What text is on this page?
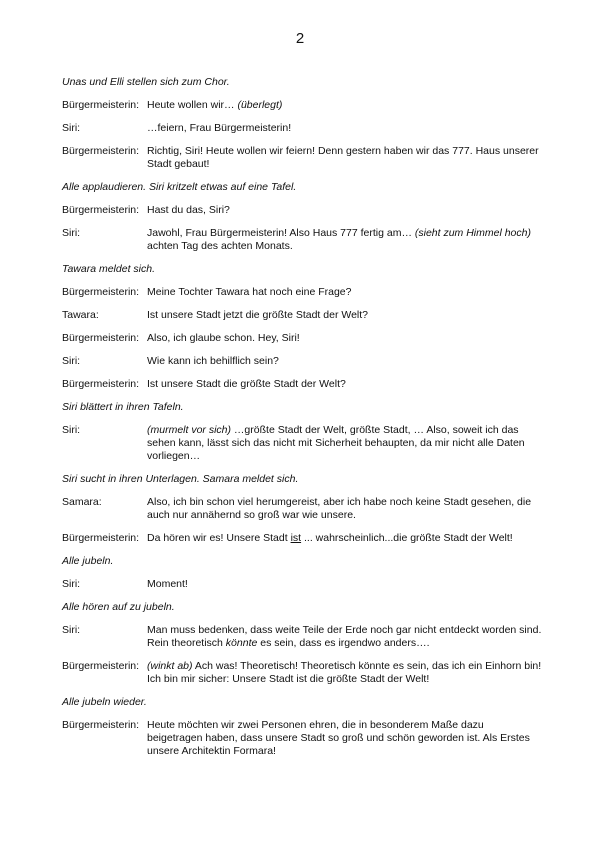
2
Unas und Elli stellen sich zum Chor.
Bürgermeisterin: Heute wollen wir… (überlegt)
Siri:	…feiern, Frau Bürgermeisterin!
Bürgermeisterin: Richtig, Siri! Heute wollen wir feiern! Denn gestern haben wir das 777. Haus unserer Stadt gebaut!
Alle applaudieren. Siri kritzelt etwas auf eine Tafel.
Bürgermeisterin: Hast du das, Siri?
Siri:	Jawohl, Frau Bürgermeisterin! Also Haus 777 fertig am… (sieht zum Himmel hoch) achten Tag des achten Monats.
Tawara meldet sich.
Bürgermeisterin: Meine Tochter Tawara hat noch eine Frage?
Tawara:	Ist unsere Stadt jetzt die größte Stadt der Welt?
Bürgermeisterin: Also, ich glaube schon. Hey, Siri!
Siri:	Wie kann ich behilflich sein?
Bürgermeisterin: Ist unsere Stadt die größte Stadt der Welt?
Siri blättert in ihren Tafeln.
Siri:	(murmelt vor sich) …größte Stadt der Welt, größte Stadt, … Also, soweit ich das sehen kann, lässt sich das nicht mit Sicherheit behaupten, da mir nicht alle Daten vorliegen…
Siri sucht in ihren Unterlagen. Samara meldet sich.
Samara:	Also, ich bin schon viel herumgereist, aber ich habe noch keine Stadt gesehen, die auch nur annähernd so groß war wie unsere.
Bürgermeisterin: Da hören wir es! Unsere Stadt ist ... wahrscheinlich...die größte Stadt der Welt!
Alle jubeln.
Siri:	Moment!
Alle hören auf zu jubeln.
Siri:	Man muss bedenken, dass weite Teile der Erde noch gar nicht entdeckt worden sind. Rein theoretisch könnte es sein, dass es irgendwo anders….
Bürgermeisterin: (winkt ab) Ach was! Theoretisch! Theoretisch könnte es sein, das ich ein Einhorn bin! Ich bin mir sicher: Unsere Stadt ist die größte Stadt der Welt!
Alle jubeln wieder.
Bürgermeisterin: Heute möchten wir zwei Personen ehren, die in besonderem Maße dazu beigetragen haben, dass unsere Stadt so groß und schön geworden ist. Als Erstes unsere Architektin Formara!
